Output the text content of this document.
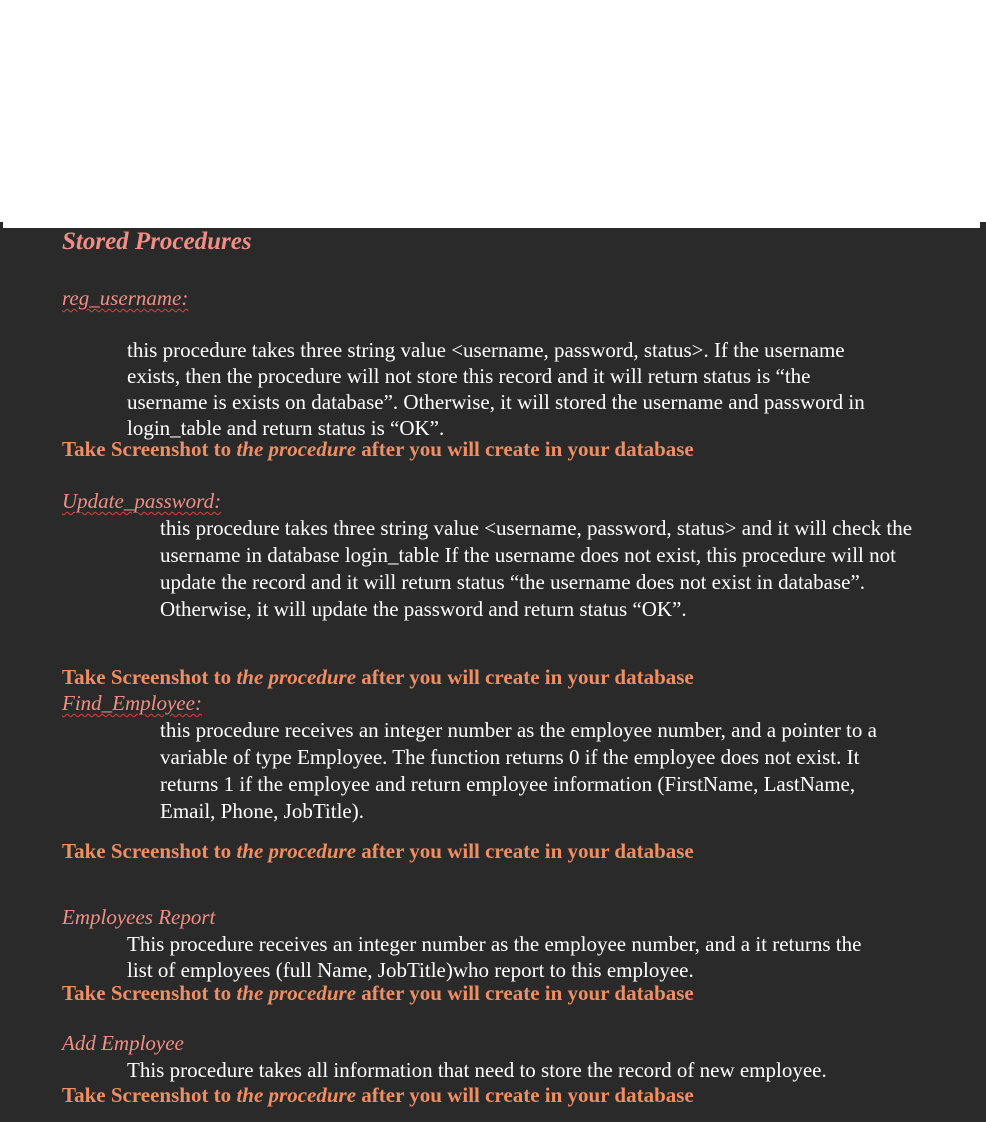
Stored Procedures
reg_username:
this procedure takes three string value <username, password, status>. If the username exists, then the procedure will not store this record and it will return status is “the username is exists on database”. Otherwise, it will stored the username and password in login_table and return status is “OK”.
Take Screenshot to the procedure after you will create in your database
Update_password:
this procedure takes three string value <username, password, status> and it will check the username in database login_table If the username does not exist, this procedure will not update the record and it will return status “the username does not exist in database”. Otherwise, it will update the password and return status “OK”.
Take Screenshot to the procedure after you will create in your database
Find_Employee:
this procedure receives an integer number as the employee number, and a pointer to a variable of type Employee. The function returns 0 if the employee does not exist. It returns 1 if the employee and return employee information (FirstName, LastName, Email, Phone, JobTitle).
Take Screenshot to the procedure after you will create in your database
Employees Report
This procedure receives an integer number as the employee number, and a it returns the list of employees (full Name, JobTitle)who report to this employee.
Take Screenshot to the procedure after you will create in your database
Add Employee
This procedure takes all information that need to store the record of new employee.
Take Screenshot to the procedure after you will create in your database
